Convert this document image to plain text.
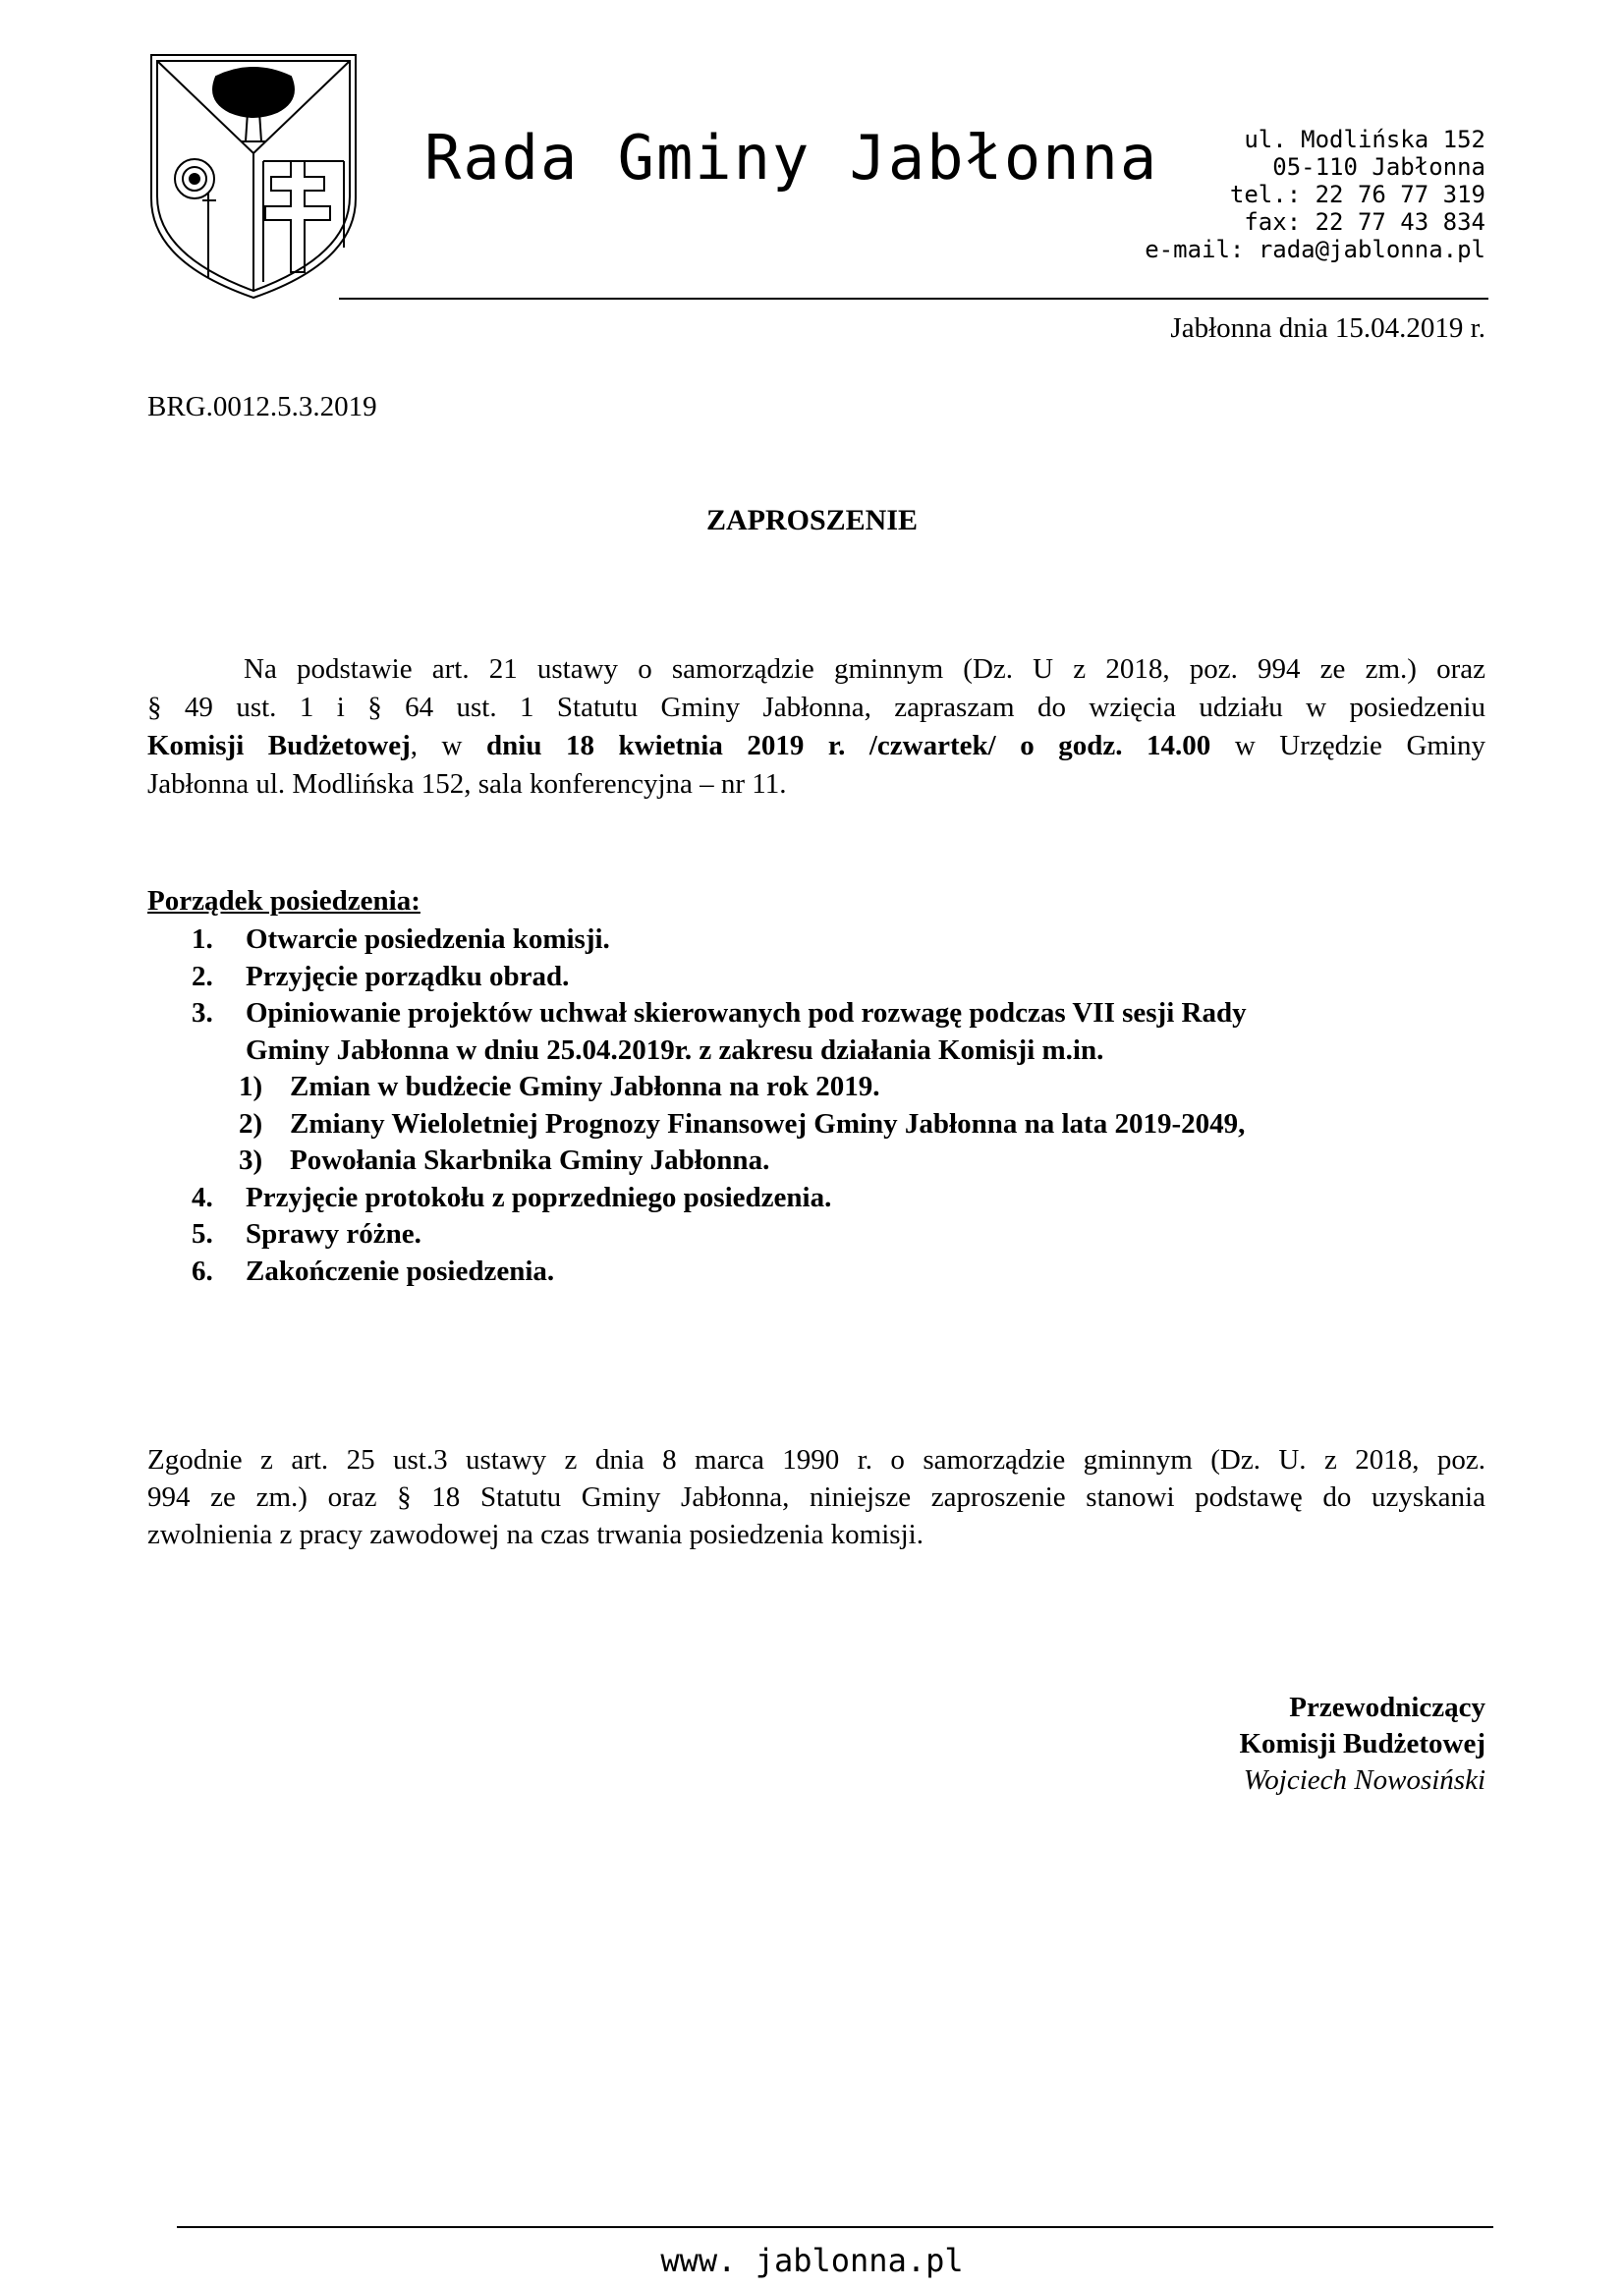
Rada Gminy Jabłonna	ul. Modlińska 152
05-110 Jabłonna
tel.: 22 76 77 319
fax: 22 77 43 834
e-mail: rada@jablonna.pl
Jabłonna dnia 15.04.2019 r.
BRG.0012.5.3.2019
ZAPROSZENIE
Na podstawie art. 21 ustawy o samorządzie gminnym (Dz. U z 2018, poz. 994 ze zm.) oraz
§ 49 ust. 1 i § 64 ust. 1 Statutu Gminy Jabłonna, zapraszam do wzięcia udziału w posiedzeniu
Komisji Budżetowej, w dniu 18 kwietnia 2019 r. /czwartek/ o godz. 14.00 w Urzędzie Gminy
Jabłonna ul. Modlińska 152, sala konferencyjna – nr 11.
Porządek posiedzenia:
1. Otwarcie posiedzenia komisji.
2. Przyjęcie porządku obrad.
3. Opiniowanie projektów uchwał skierowanych pod rozwagę podczas VII sesji Rady
Gminy Jabłonna w dniu 25.04.2019r. z zakresu działania Komisji m.in.
1) Zmian w budżecie Gminy Jabłonna na rok 2019.
2) Zmiany Wieloletniej Prognozy Finansowej Gminy Jabłonna na lata 2019-2049,
3) Powołania Skarbnika Gminy Jabłonna.
4. Przyjęcie protokołu z poprzedniego posiedzenia.
5. Sprawy różne.
6. Zakończenie posiedzenia.
Zgodnie z art. 25 ust.3 ustawy z dnia 8 marca 1990 r. o samorządzie gminnym (Dz. U. z 2018, poz.
994 ze zm.) oraz § 18 Statutu Gminy Jabłonna, niniejsze zaproszenie stanowi podstawę do uzyskania
zwolnienia z pracy zawodowej na czas trwania posiedzenia komisji.
Przewodniczący
Komisji Budżetowej
Wojciech Nowosiński
www. jablonna.pl
